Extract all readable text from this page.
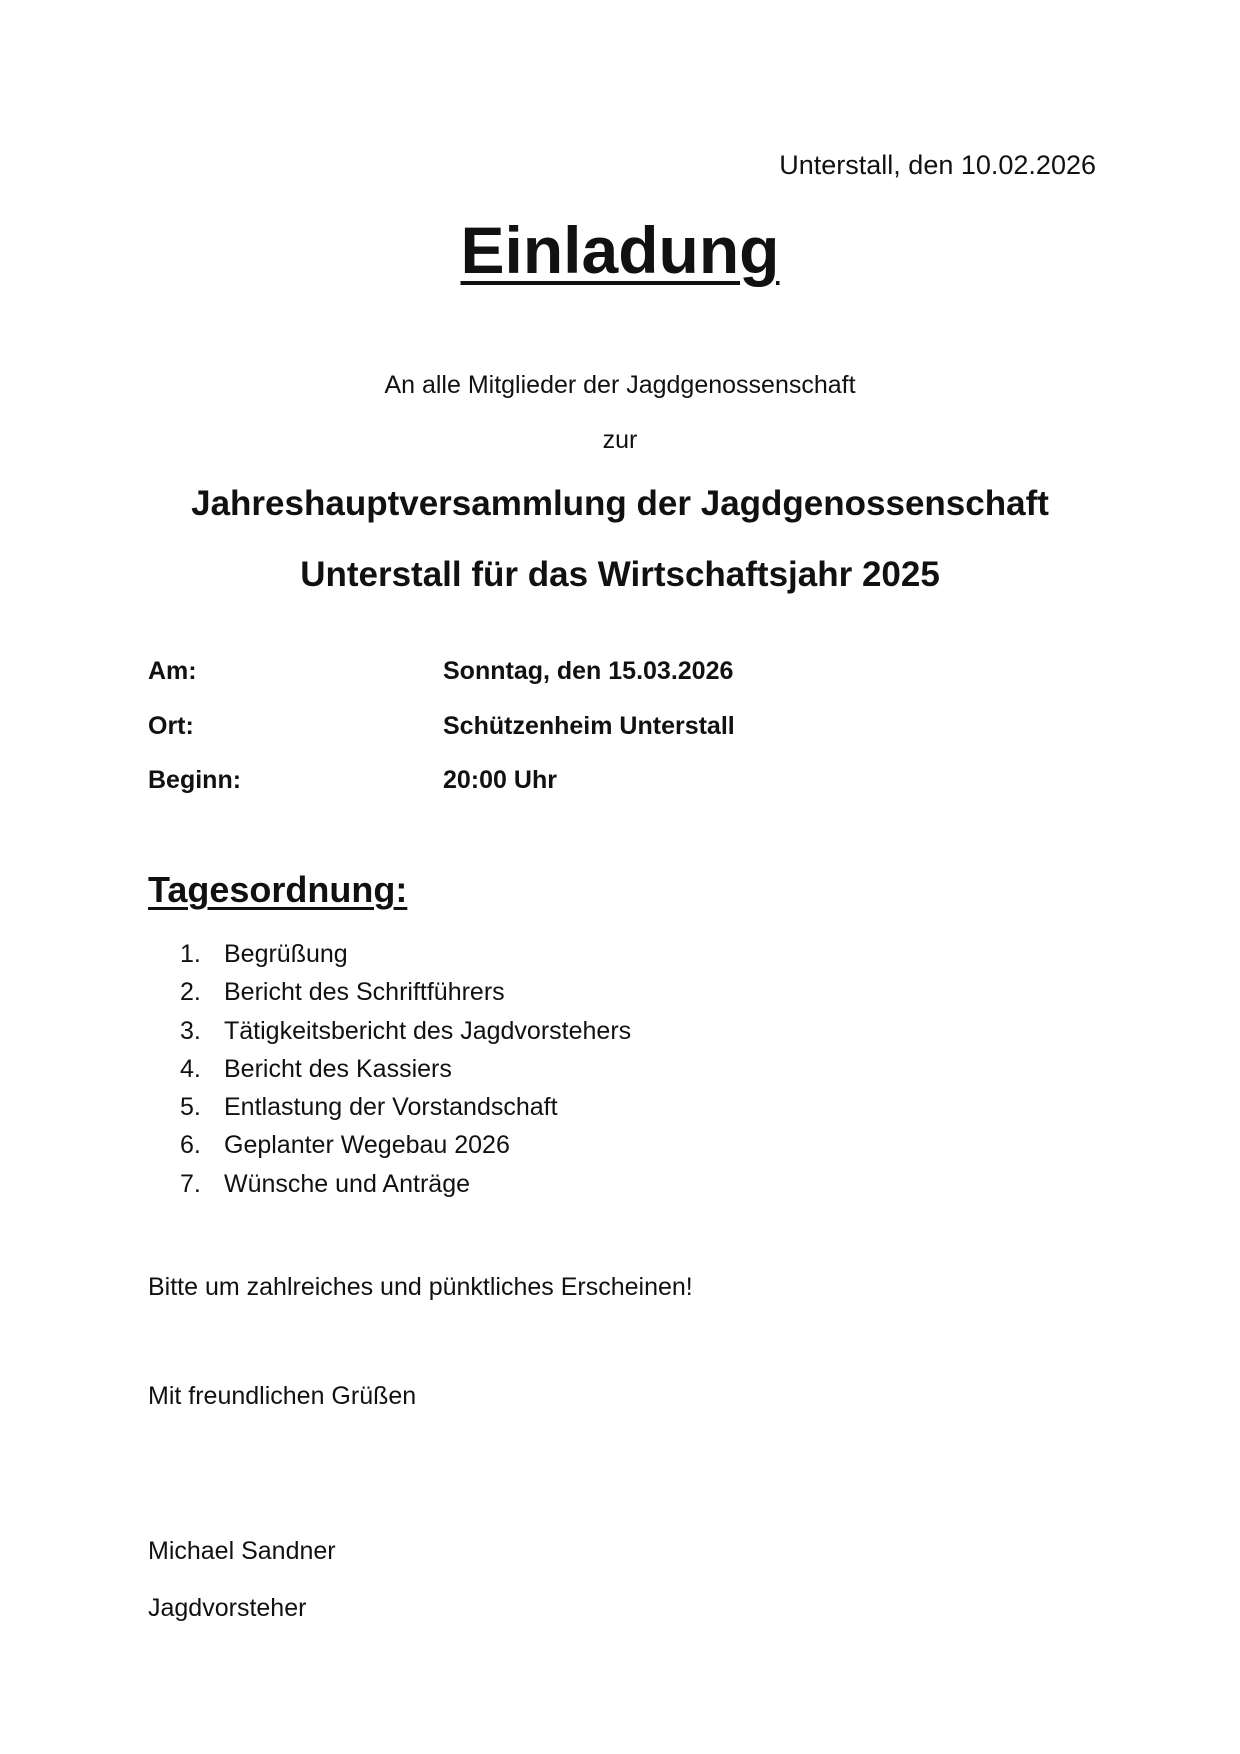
Unterstall, den 10.02.2026
Einladung
An alle Mitglieder der Jagdgenossenschaft
zur
Jahreshauptversammlung der Jagdgenossenschaft
Unterstall für das Wirtschaftsjahr 2025
Am:	Sonntag, den 15.03.2026
Ort:	Schützenheim Unterstall
Beginn:	20:00 Uhr
Tagesordnung:
1. Begrüßung
2. Bericht des Schriftführers
3. Tätigkeitsbericht des Jagdvorstehers
4. Bericht des Kassiers
5. Entlastung der Vorstandschaft
6. Geplanter Wegebau 2026
7. Wünsche und Anträge
Bitte um zahlreiches und pünktliches Erscheinen!
Mit freundlichen Grüßen
Michael Sandner
Jagdvorsteher
